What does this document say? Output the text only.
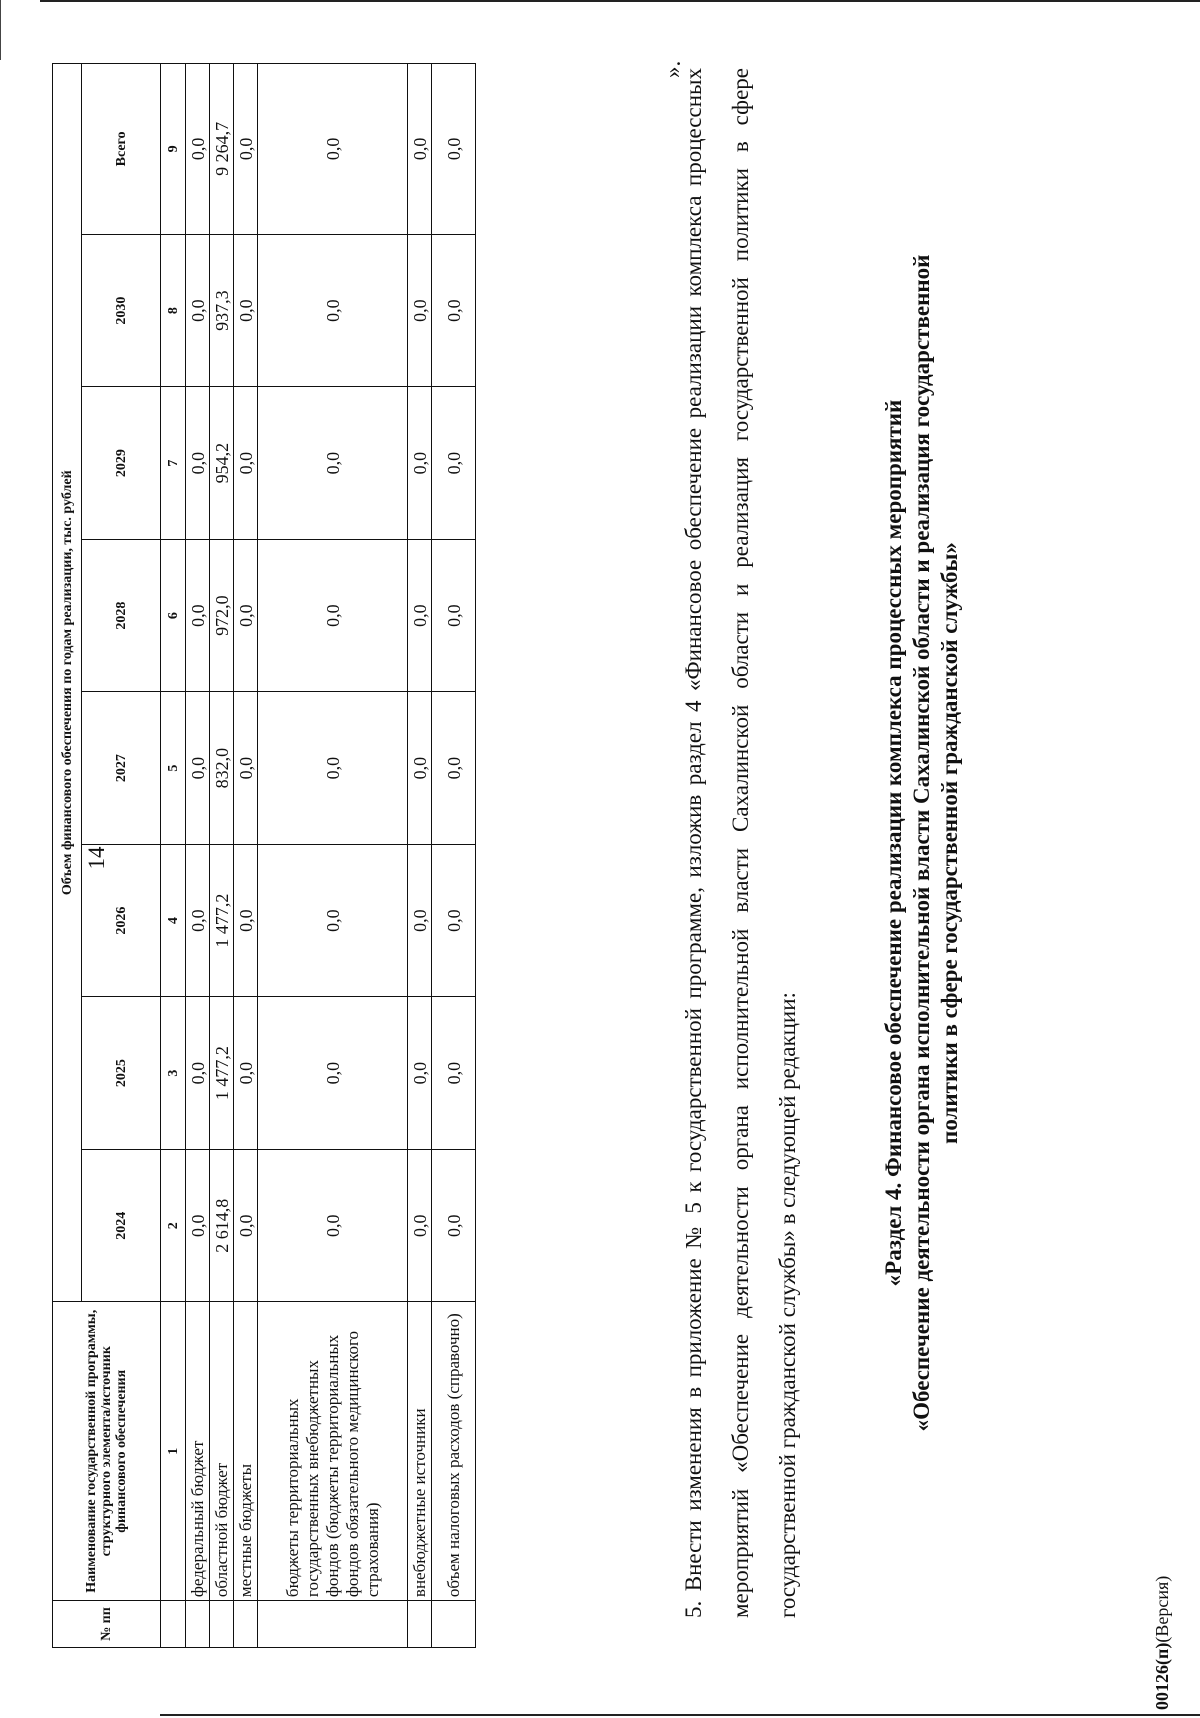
14
№ пп	Наименование государственной программы, структурного элемента/источник финансового обеспечения	Объем финансового обеспечения по годам реализации, тыс. рублей							
		2024	2025	2026	2027	2028	2029	2030	Всего
	1	2	3	4	5	6	7	8	9
	федеральный бюджет	0,0	0,0	0,0	0,0	0,0	0,0	0,0	0,0
	областной бюджет	2 614,8	1 477,2	1 477,2	832,0	972,0	954,2	937,3	9 264,7
	местные бюджеты	0,0	0,0	0,0	0,0	0,0	0,0	0,0	0,0
	бюджеты территориальных государственных внебюджетных фондов (бюджеты территориальных фондов обязательного медицинского страхования)	0,0	0,0	0,0	0,0	0,0	0,0	0,0	0,0
	внебюджетные источники	0,0	0,0	0,0	0,0	0,0	0,0	0,0	0,0
	объем налоговых расходов (справочно)	0,0	0,0	0,0	0,0	0,0	0,0	0,0	0,0
».
5. Внести изменения в приложение № 5 к государственной программе, изложив раздел 4 «Финансовое обеспечение реализации комплекса процессных мероприятий «Обеспечение деятельности органа исполнительной власти Сахалинской области и реализация государственной политики в сфере государственной гражданской службы» в следующей редакции:
«Раздел 4. Финансовое обеспечение реализации комплекса процессных мероприятий «Обеспечение деятельности органа исполнительной власти Сахалинской области и реализация государственной политики в сфере государственной гражданской службы»
00126(п)(Версия)
